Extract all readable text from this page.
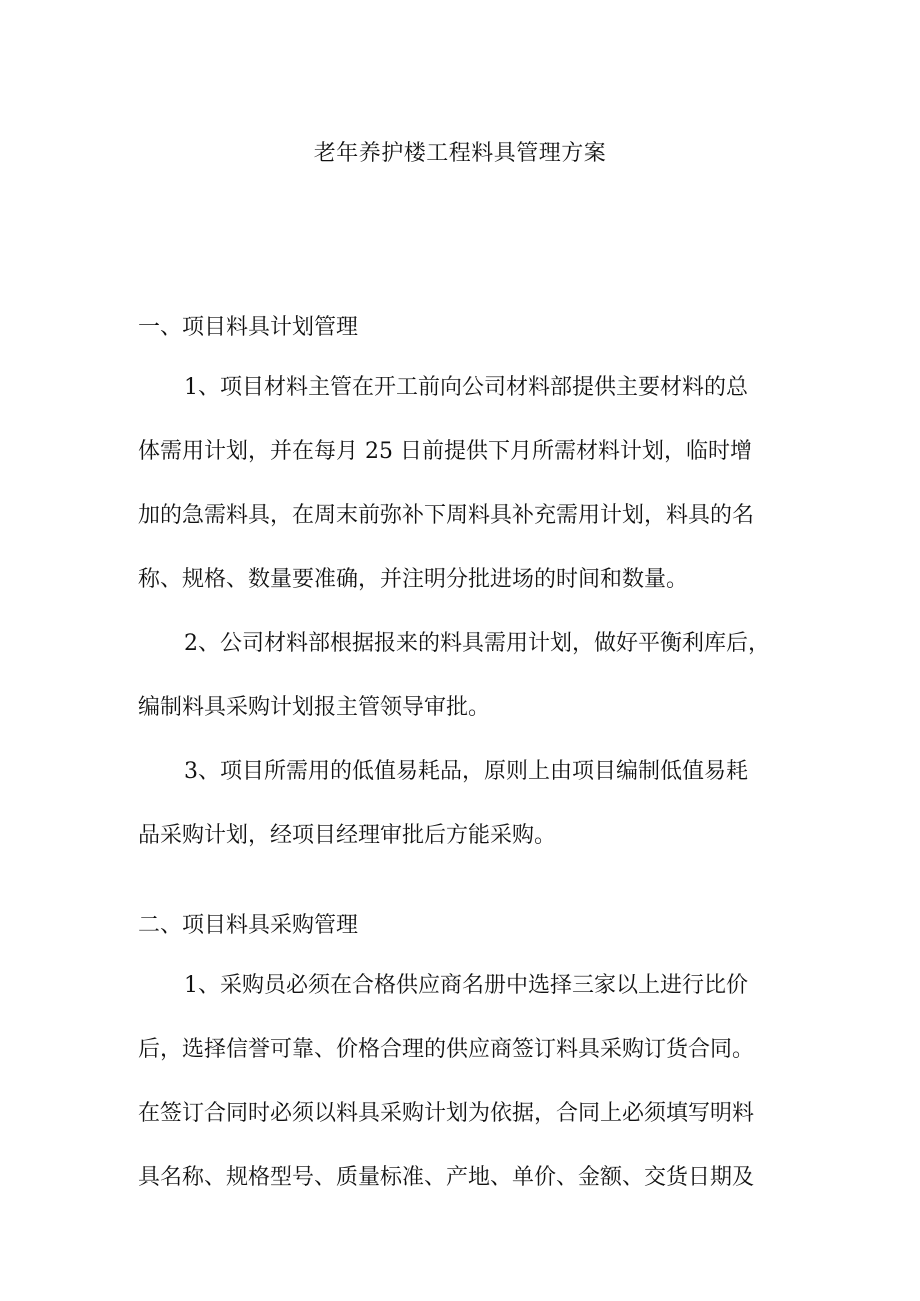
老年养护楼工程料具管理方案
一、项目料具计划管理
1、项目材料主管在开工前向公司材料部提供主要材料的总
体需用计划，并在每月 25 日前提供下月所需材料计划，临时增
加的急需料具，在周末前弥补下周料具补充需用计划，料具的名
称、规格、数量要准确，并注明分批进场的时间和数量。
2、公司材料部根据报来的料具需用计划，做好平衡利库后，
编制料具采购计划报主管领导审批。
3、项目所需用的低值易耗品，原则上由项目编制低值易耗
品采购计划，经项目经理审批后方能采购。
二、项目料具采购管理
1、采购员必须在合格供应商名册中选择三家以上进行比价
后，选择信誉可靠、价格合理的供应商签订料具采购订货合同。
在签订合同时必须以料具采购计划为依据，合同上必须填写明料
具名称、规格型号、质量标准、产地、单价、金额、交货日期及
